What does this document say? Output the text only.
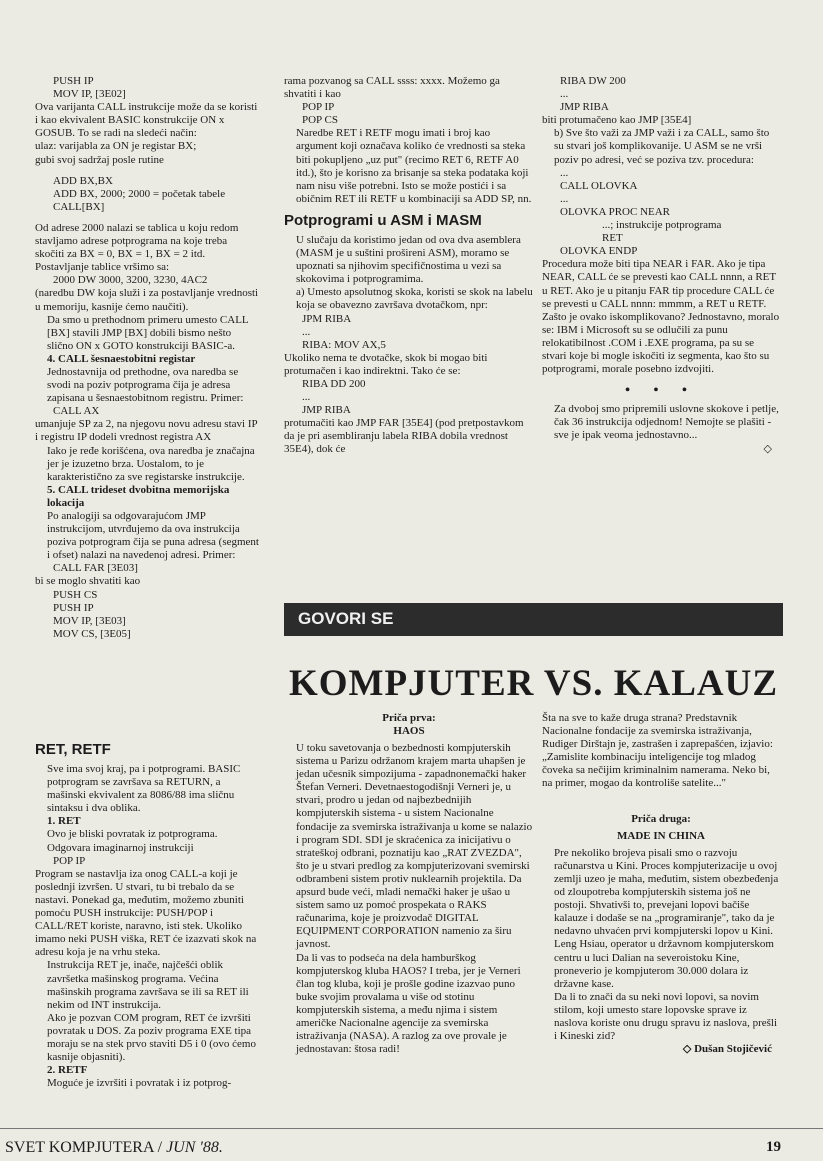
PUSH IP

MOV IP, [3E02]

Ova varijanta CALL instrukcije može da se koristi i kao ekvivalent BASIC konstrukcije ON x GOSUB. To se radi na sledeći način:

ulaz: varijabla za ON je registar BX;

gubi svoj sadržaj posle rutine

ADD BX,BX

ADD BX, 2000; 2000 = početak tabele

CALL[BX]

Od adrese 2000 nalazi se tablica u koju redom stavljamo adrese potprograma na koje treba skočiti za BX = 0, BX = 1, BX = 2 itd. Postavljanje tablice vršimo sa:

2000 DW 3000, 3200, 3230, 4AC2

(naredbu DW koja služi i za postavljanje vrednosti u memoriju, kasnije ćemo naučiti).

Da smo u prethodnom primeru umesto CALL [BX] stavili JMP [BX] dobili bismo nešto slično ON x GOTO konstrukciji BASIC-a.

4. CALL šesnaestobitni registar

Jednostavnija od prethodne, ova naredba se svodi na poziv potprograma čija je adresa zapisana u šesnaestobitnom registru. Primer:

CALL AX

umanjuje SP za 2, na njegovu novu adresu stavi IP i registru IP dodeli vrednost registra AX

Iako je ređe korišćena, ova naredba je značajna jer je izuzetno brza. Uostalom, to je karakteristično za sve registarske instrukcije.

5. CALL trideset dvobitna memorijska lokacija

Po analogiji sa odgovarajućom JMP instrukcijom, utvrđujemo da ova instrukcija poziva potprogram čija se puna adresa (segment i ofset) nalazi na navedenoj adresi. Primer:

CALL FAR [3E03]

bi se moglo shvatiti kao

PUSH CS

PUSH IP

MOV IP, [3E03]

MOV CS, [3E05]

RET, RETF

Sve ima svoj kraj, pa i potprogrami. BASIC potprogram se završava sa RETURN, a mašinski ekvivalent za 8086/88 ima sličnu sintaksu i dva oblika.

1. RET

Ovo je bliski povratak iz potprograma. Odgovara imaginarnoj instrukciji

POP IP

Program se nastavlja iza onog CALL-a koji je poslednji izvršen. U stvari, tu bi trebalo da se nastavi. Ponekad ga, međutim, možemo zbuniti pomoću PUSH instrukcije: PUSH/POP i CALL/RET koriste, naravno, isti stek. Ukoliko imamo neki PUSH viška, RET će izazvati skok na adresu koja je na vrhu steka.

Instrukcija RET je, inače, najčešći oblik završetka mašinskog programa. Većina mašinskih programa završava se ili sa RET ili nekim od INT instrukcija.

Ako je pozvan COM program, RET će izvršiti povratak u DOS. Za poziv programa EXE tipa moraju se na stek prvo staviti D5 i 0 (ovo ćemo kasnije objasniti).

2. RETF

Moguće je izvršiti i povratak i iz potprog-

rama pozvanog sa CALL ssss: xxxx. Možemo ga shvatiti i kao

POP IP

POP CS

Naredbe RET i RETF mogu imati i broj kao argument koji označava koliko će vrednosti sa steka biti pokupljeno „uz put" (recimo RET 6, RETF A0 itd.), što je korisno za brisanje sa steka podataka koji nam nisu više potrebni. Isto se može postići i sa običnim RET ili RETF u kombinaciji sa ADD SP, nn.

Potprogrami u ASM i MASM

U slučaju da koristimo jedan od ova dva asemblera (MASM je u suštini prošireni ASM), moramo se upoznati sa njihovim specifičnostima u vezi sa skokovima i potprogramima.

a) Umesto apsolutnog skoka, koristi se skok na labelu koja se obavezno završava dvotačkom, npr:

JPM RIBA

...

RIBA: MOV AX,5

Ukoliko nema te dvotačke, skok bi mogao biti protumačen i kao indirektni. Tako će se:

RIBA DD 200

...

JMP RIBA

protumačiti kao JMP FAR [35E4] (pod pretpostavkom da je pri asembliranju labela RIBA dobila vrednost 35E4), dok će

RIBA DW 200

...

JMP RIBA

biti protumačeno kao JMP [35E4]

b) Sve što važi za JMP važi i za CALL, samo što su stvari još komplikovanije. U ASM se ne vrši poziv po adresi, već se poziva tzv. procedura:

...

CALL OLOVKA

...

OLOVKA PROC NEAR

...; instrukcije potprograma

RET

OLOVKA ENDP

Procedura može biti tipa NEAR i FAR. Ako je tipa NEAR, CALL će se prevesti kao CALL nnnn, a RET u RET. Ako je u pitanju FAR tip procedure CALL će se prevesti u CALL nnnn: mmmm, a RET u RETF. Zašto je ovako iskomplikovano? Jednostavno, moralo se: IBM i Microsoft su se odlučili za punu relokatibilnost .COM i .EXE programa, pa su se stvari koje bi mogle iskočiti iz segmenta, kao što su potprogrami, morale posebno izdvojiti.

• • •

Za dvoboj smo pripremili uslovne skokove i petlje, čak 36 instrukcija odjednom! Nemojte se plašiti - sve je ipak veoma jednostavno...

◇

GOVORI SE
KOMPJUTER VS. KALAUZ
Priča prva:
HAOS

U toku savetovanja o bezbednosti kompjuterskih sistema u Parizu održanom krajem marta uhapšen je jedan učesnik simpozijuma - zapadnonemački haker Štefan Verneri. Devetnaestogodišnji Verneri je, u stvari, prodro u jedan od najbezbednijih kompjuterskih sistema - u sistem Nacionalne fondacije za svemirska istraživanja u kome se nalazio i program SDI. SDI je skraćenica za inicijativu o strateškoj odbrani, poznatiju kao „RAT ZVEZDA", što je u stvari predlog za kompjuterizovani svemirski odbrambeni sistem protiv nuklearnih projektila. Da apsurd bude veći, mladi nemački haker je ušao u sistem samo uz pomoć prospekata o RAKS računarima, koje je proizvodač DIGITAL EQUIPMENT CORPORATION namenio za širu javnost.

Da li vas to podseća na dela hamburškog kompjuterskog kluba HAOS? I treba, jer je Verneri član tog kluba, koji je prošle godine izazvao puno buke svojim provalama u više od stotinu kompjuterskih sistema, a među njima i sistem američke Nacionalne agencije za svemirska istraživanja (NASA). A razlog za ove provale je jednostavan: štosa radi!

Šta na sve to kaže druga strana? Predstavnik Nacionalne fondacije za svemirska istraživanja, Rudiger Dirštajn je, zastrašen i zaprepašćen, izjavio: „Zamislite kombinaciju inteligencije tog mladog čoveka sa nečijim kriminalnim namerama. Neko bi, na primer, mogao da kontroliše satelite..."

Priča druga:

MADE IN CHINA

Pre nekoliko brojeva pisali smo o razvoju računarstva u Kini. Proces kompjuterizacije u ovoj zemlji uzeo je maha, međutim, sistem obezbeđenja od zloupotreba kompjuterskih sistema još ne postoji. Shvativši to, prevejani lopovi bačiše kalauze i dodaše se na „programiranje", tako da je nedavno uhvaćen prvi kompjuterski lopov u Kini. Leng Hsiau, operator u državnom kompjuterskom centru u luci Dalian na severoistoku Kine, proneverio je kompjuterom 30.000 dolara iz državne kase.

Da li to znači da su neki novi lopovi, sa novim stilom, koji umesto stare lopovske sprave iz naslova koriste onu drugu spravu iz naslova, prešli i Kineski zid?

◇ Dušan Stojičević

SVET KOMPJUTERA / JUN '88.	19
